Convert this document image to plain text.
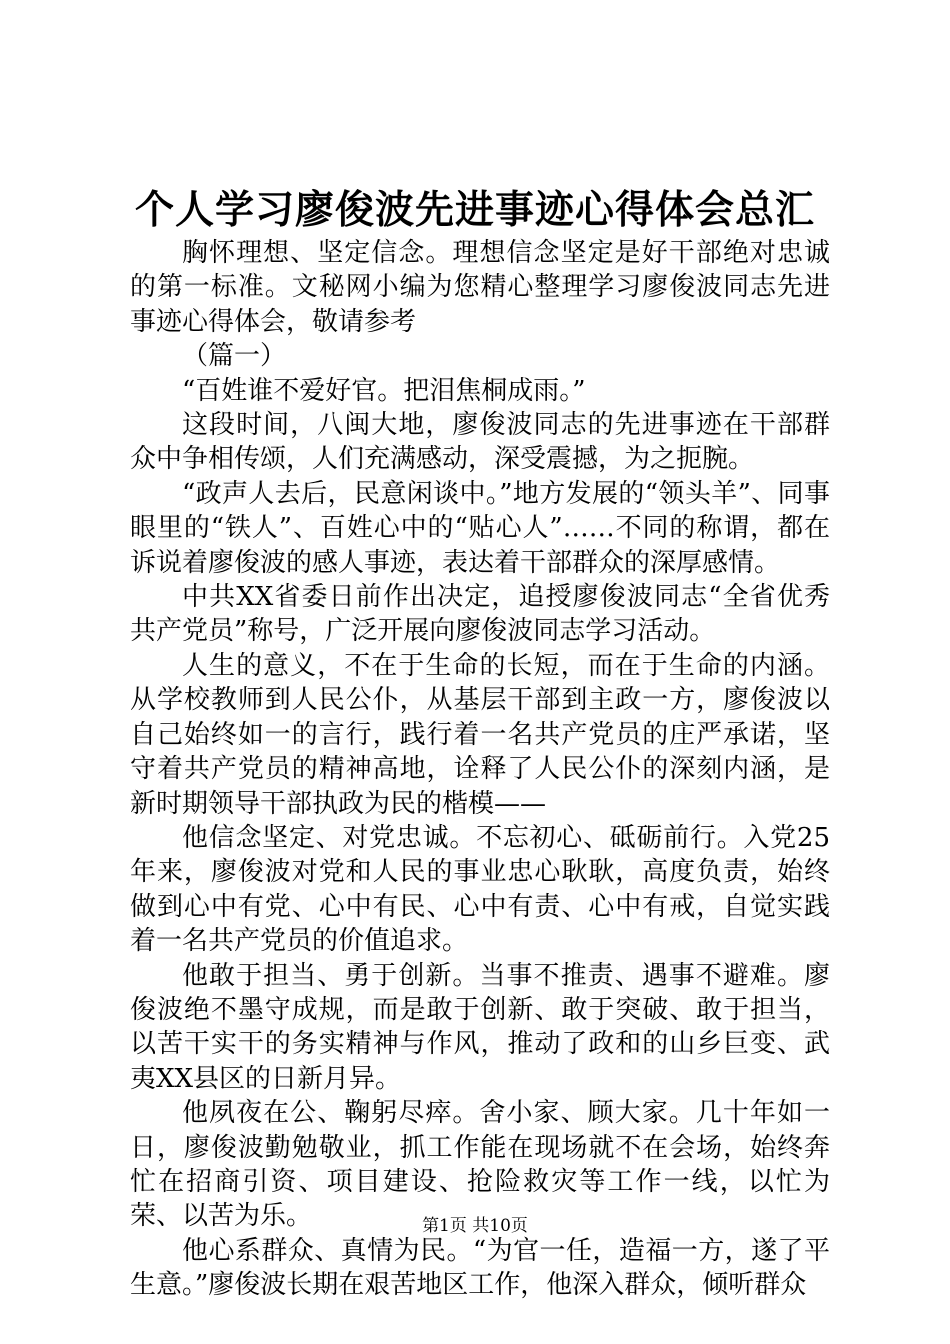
个人学习廖俊波先进事迹心得体会总汇

胸怀理想、坚定信念。理想信念坚定是好干部绝对忠诚的第一标准。文秘网小编为您精心整理学习廖俊波同志先进事迹心得体会，敬请参考

（篇一）

“百姓谁不爱好官。把泪焦桐成雨。”

这段时间，八闽大地，廖俊波同志的先进事迹在干部群众中争相传颂，人们充满感动，深受震撼，为之扼腕。

“政声人去后，民意闲谈中。”地方发展的“领头羊”、同事眼里的“铁人”、百姓心中的“贴心人”……不同的称谓，都在诉说着廖俊波的感人事迹，表达着干部群众的深厚感情。

中共XX省委日前作出决定，追授廖俊波同志“全省优秀共产党员”称号，广泛开展向廖俊波同志学习活动。

人生的意义，不在于生命的长短，而在于生命的内涵。从学校教师到人民公仆，从基层干部到主政一方，廖俊波以自己始终如一的言行，践行着一名共产党员的庄严承诺，坚守着共产党员的精神高地，诠释了人民公仆的深刻内涵，是新时期领导干部执政为民的楷模——

他信念坚定、对党忠诚。不忘初心、砥砺前行。入党25年来，廖俊波对党和人民的事业忠心耿耿，高度负责，始终做到心中有党、心中有民、心中有责、心中有戒，自觉实践着一名共产党员的价值追求。

他敢于担当、勇于创新。当事不推责、遇事不避难。廖俊波绝不墨守成规，而是敢于创新、敢于突破、敢于担当，以苦干实干的务实精神与作风，推动了政和的山乡巨变、武夷XX县区的日新月异。

他夙夜在公、鞠躬尽瘁。舍小家、顾大家。几十年如一日，廖俊波勤勉敬业，抓工作能在现场就不在会场，始终奔忙在招商引资、项目建设、抢险救灾等工作一线，以忙为荣、以苦为乐。

他心系群众、真情为民。“为官一任，造福一方，遂了平生意。”廖俊波长期在艰苦地区工作，他深入群众，倾听群众

第1页 共10页
